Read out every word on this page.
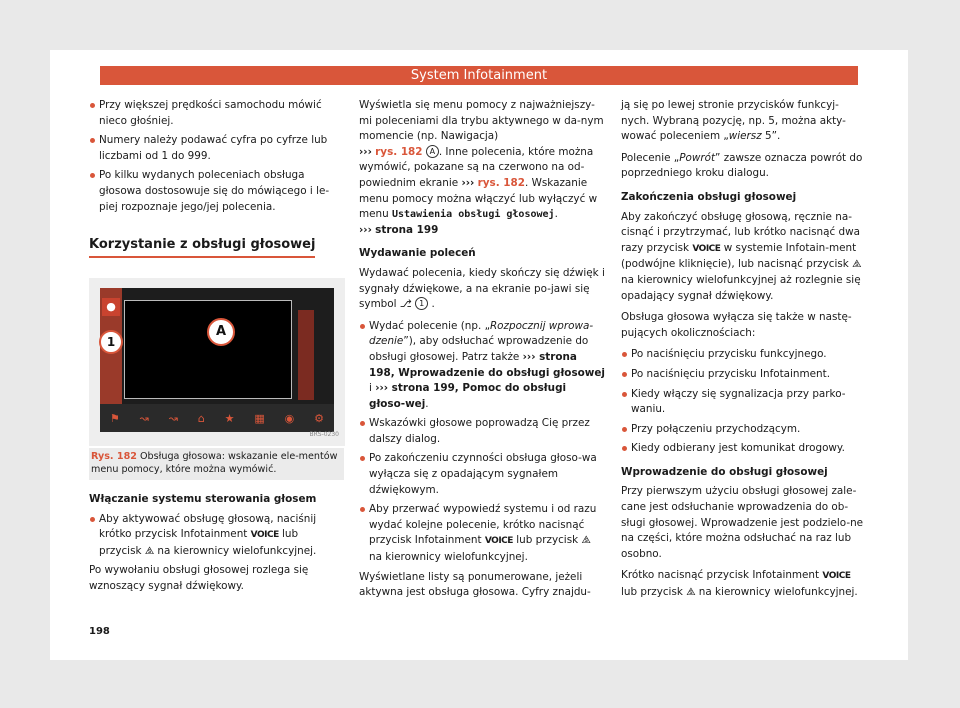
System Infotainment

Przy większej prędkości samochodu mówić nieco głośniej.

Numery należy podawać cyfra po cyfrze lub liczbami od 1 do 999.

Po kilku wydanych poleceniach obsługa głosowa dostosowuje się do mówiącego i le-piej rozpoznaje jego/jej polecenia.

Korzystanie z obsługi głosowej
●
⚑ ↝ ↝ ⌂ ★ ▦ ◉ ⚙
A
1
BRS-0230
Rys. 182 Obsługa głosowa: wskazanie ele-mentów menu pomocy, które można wymówić.

Włączanie systemu sterowania głosem

Aby aktywować obsługę głosową, naciśnij krótko przycisk Infotainment VOICE lub przycisk ⧌ na kierownicy wielofunkcyjnej.

Po wywołaniu obsługi głosowej rozlega się wznoszący sygnał dźwiękowy.

198

Wyświetla się menu pomocy z najważniejszy-mi poleceniami dla trybu aktywnego w da-nym momencie (np. Nawigacja)
››› rys. 182 A . Inne polecenia, które można wymówić, pokazane są na czerwono na od-powiednim ekranie ››› rys. 182. Wskazanie menu pomocy można włączyć lub wyłączyć w menu Ustawienia obsługi głosowej.
››› strona 199

Wydawanie poleceń

Wydawać polecenia, kiedy skończy się dźwięk i sygnały dźwiękowe, a na ekranie po-jawi się symbol ⎇ 1 .

Wydać polecenie (np. „Rozpocznij wprowa-dzenie”), aby odsłuchać wprowadzenie do obsługi głosowej. Patrz także ››› strona 198, Wprowadzenie do obsługi głosowej i ››› strona 199, Pomoc do obsługi głoso-wej.

Wskazówki głosowe poprowadzą Cię przez dalszy dialog.

Po zakończeniu czynności obsługa głoso-wa wyłącza się z opadającym sygnałem dźwiękowym.

Aby przerwać wypowiedź systemu i od razu wydać kolejne polecenie, krótko nacisnąć przycisk Infotainment VOICE lub przycisk ⧌ na kierownicy wielofunkcyjnej.

Wyświetlane listy są ponumerowane, jeżeli aktywna jest obsługa głosowa. Cyfry znajdu-

ją się po lewej stronie przycisków funkcyj-nych. Wybraną pozycję, np. 5, można akty-wować poleceniem „wiersz 5”.

Polecenie „Powrót” zawsze oznacza powrót do poprzedniego kroku dialogu.

Zakończenia obsługi głosowej

Aby zakończyć obsługę głosową, ręcznie na-cisnąć i przytrzymać, lub krótko nacisnąć dwa razy przycisk VOICE w systemie Infotain-ment (podwójne kliknięcie), lub nacisnąć przycisk ⧌ na kierownicy wielofunkcyjnej aż rozlegnie się opadający sygnał dźwiękowy.

Obsługa głosowa wyłącza się także w nastę-pujących okolicznościach:

Po naciśnięciu przycisku funkcyjnego.

Po naciśnięciu przycisku Infotainment.

Kiedy włączy się sygnalizacja przy parko-waniu.

Przy połączeniu przychodzącym.

Kiedy odbierany jest komunikat drogowy.

Wprowadzenie do obsługi głosowej

Przy pierwszym użyciu obsługi głosowej zale-cane jest odsłuchanie wprowadzenia do ob-sługi głosowej. Wprowadzenie jest podzielo-ne na części, które można odsłuchać na raz lub osobno.

Krótko nacisnąć przycisk Infotainment VOICE lub przycisk ⧌ na kierownicy wielofunkcyjnej.
